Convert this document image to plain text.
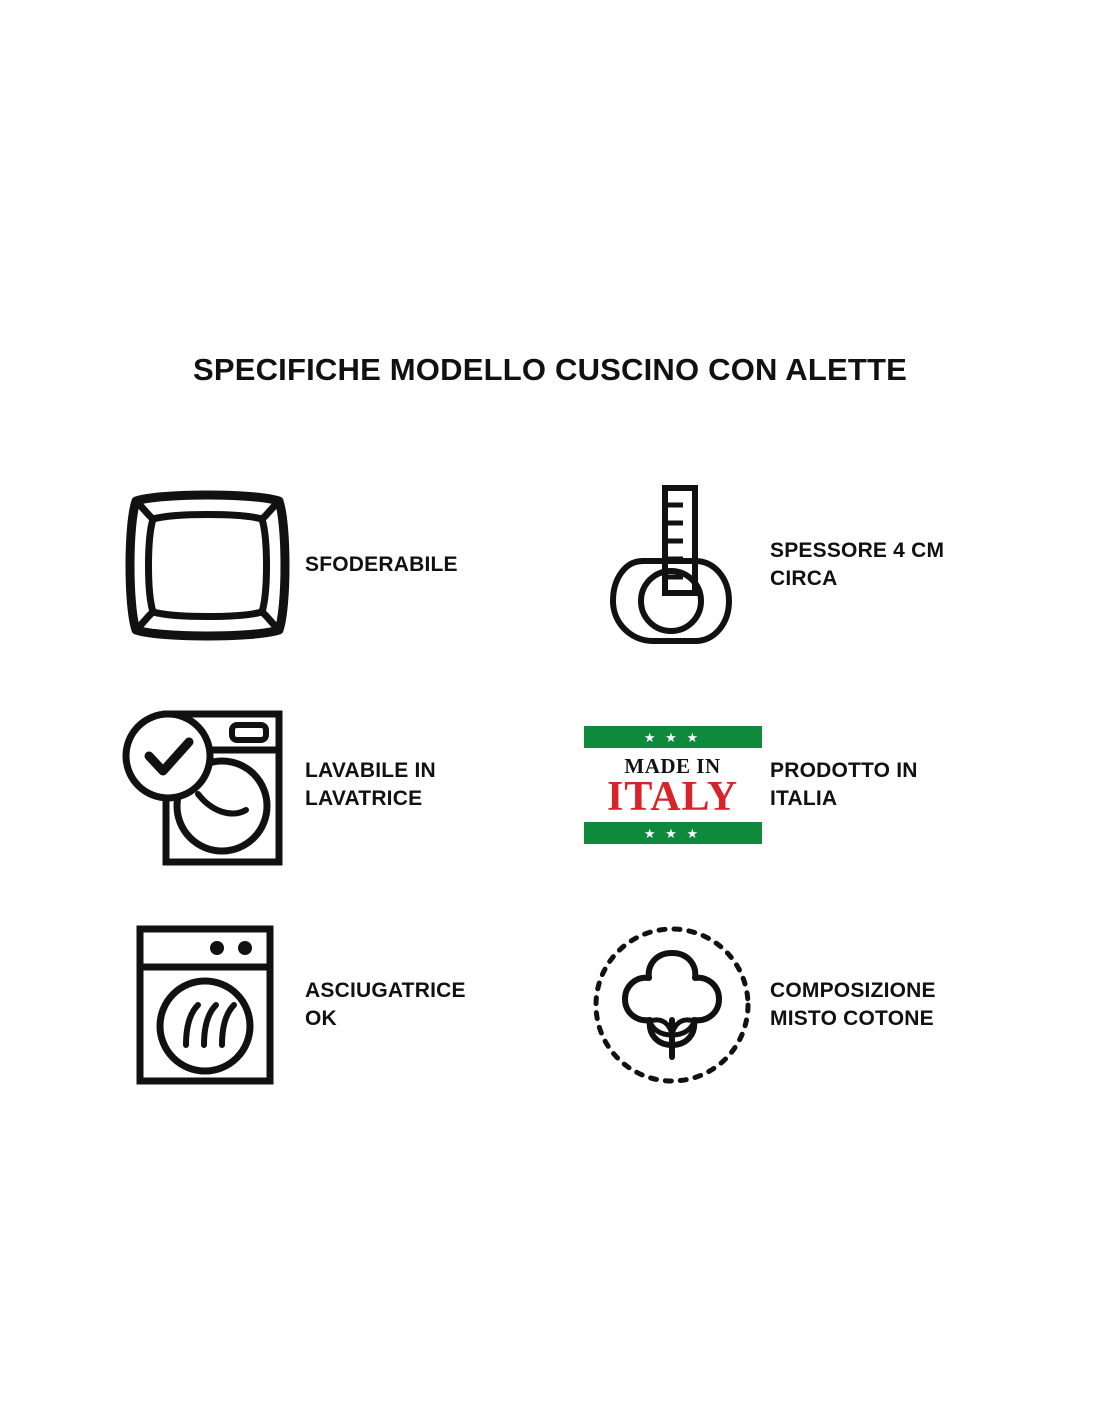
SPECIFICHE MODELLO CUSCINO CON ALETTE
SFODERABILE
SPESSORE 4 CM
CIRCA
LAVABILE IN
LAVATRICE
★ ★ ★
MADE IN
ITALY
★ ★ ★
PRODOTTO IN
ITALIA
ASCIUGATRICE
OK
COMPOSIZIONE
MISTO COTONE
